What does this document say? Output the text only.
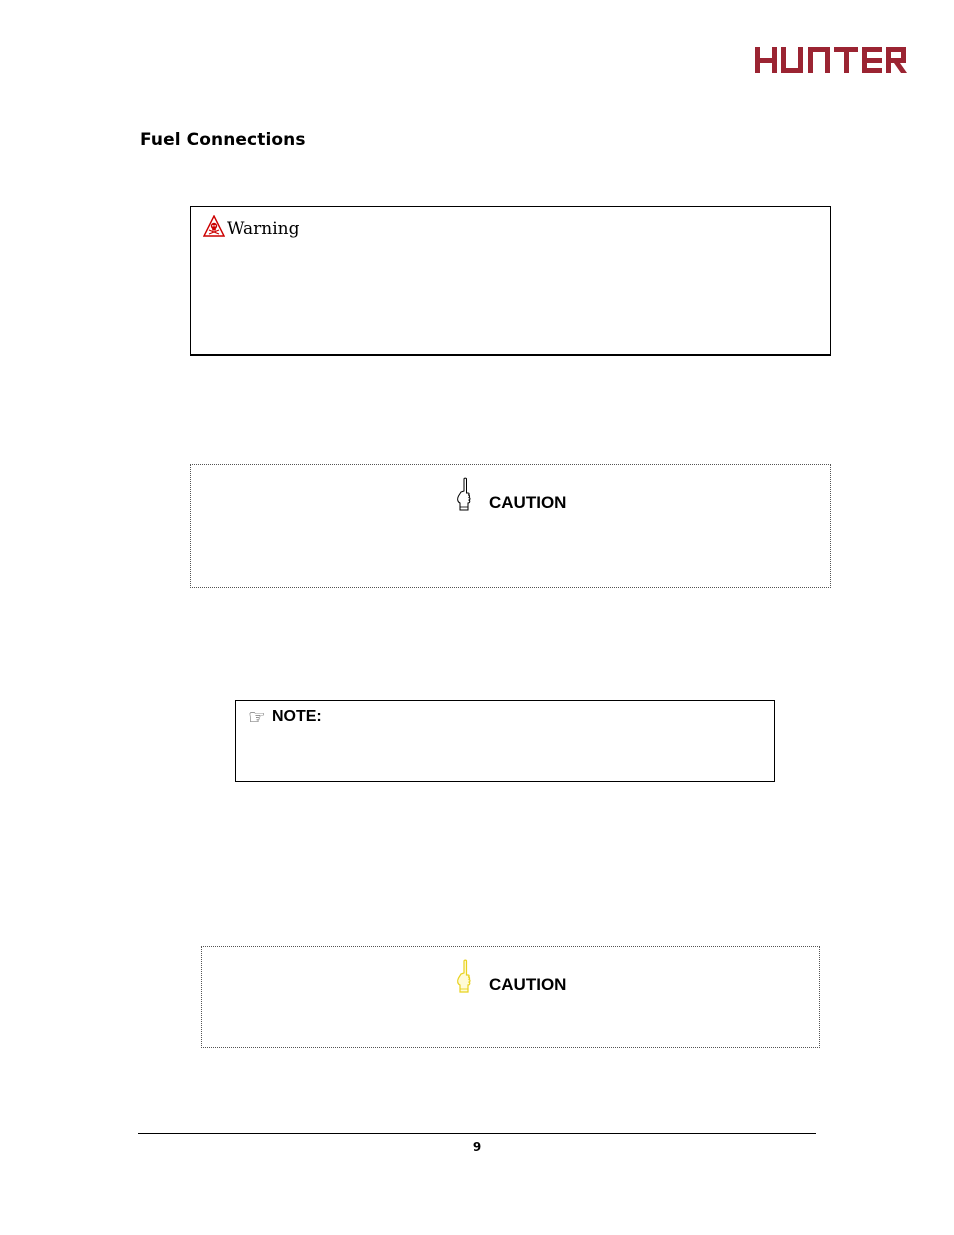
Fuel Connections
Warning
CAUTION
☞ NOTE:
CAUTION
9
